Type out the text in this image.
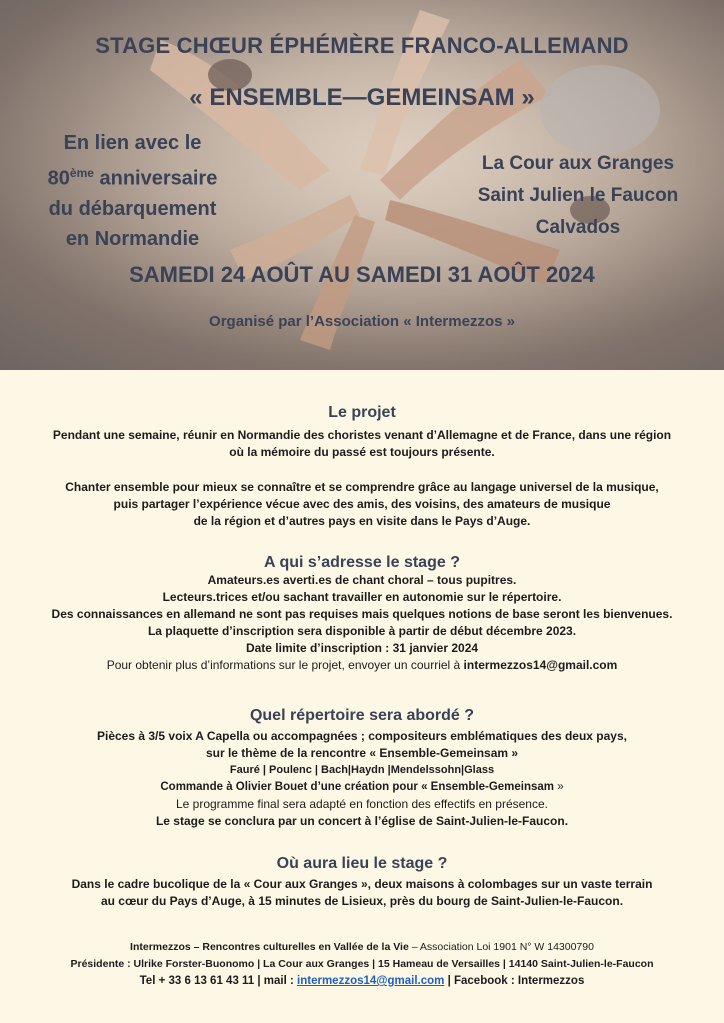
STAGE CHŒUR ÉPHÉMÈRE FRANCO-ALLEMAND
« ENSEMBLE—GEMEINSAM »
En lien avec le
80ème anniversaire
du débarquement
en Normandie
La Cour aux Granges
Saint Julien le Faucon
Calvados
SAMEDI 24 AOÛT AU SAMEDI 31 AOÛT 2024
Organisé par l’Association « Intermezzos »
Le projet
Pendant une semaine, réunir en Normandie des choristes venant d’Allemagne et de France, dans une région
où la mémoire du passé est toujours présente.
Chanter ensemble pour mieux se connaître et se comprendre grâce au langage universel de la musique,
puis partager l’expérience vécue avec des amis, des voisins, des amateurs de musique
de la région et d’autres pays en visite dans le Pays d’Auge.
A qui s’adresse le stage ?
Amateurs.es averti.es de chant choral – tous pupitres.
Lecteurs.trices et/ou sachant travailler en autonomie sur le répertoire.
Des connaissances en allemand ne sont pas requises mais quelques notions de base seront les bienvenues.
La plaquette d’inscription sera disponible à partir de début décembre 2023.
Date limite d’inscription : 31 janvier 2024
Pour obtenir plus d’informations sur le projet, envoyer un courriel à intermezzos14@gmail.com
Quel répertoire sera abordé ?
Pièces à 3/5 voix A Capella ou accompagnées ; compositeurs emblématiques des deux pays,
sur le thème de la rencontre « Ensemble-Gemeinsam »
Fauré | Poulenc | Bach|Haydn |Mendelssohn|Glass
Commande à Olivier Bouet d’une création pour « Ensemble-Gemeinsam »
Le programme final sera adapté en fonction des effectifs en présence.
Le stage se conclura par un concert à l’église de Saint-Julien-le-Faucon.
Où aura lieu le stage ?
Dans le cadre bucolique de la « Cour aux Granges », deux maisons à colombages sur un vaste terrain
au cœur du Pays d’Auge, à 15 minutes de Lisieux, près du bourg de Saint-Julien-le-Faucon.
Intermezzos – Rencontres culturelles en Vallée de la Vie – Association Loi 1901 N° W 14300790
Présidente : Ulrike Forster-Buonomo | La Cour aux Granges | 15 Hameau de Versailles | 14140 Saint-Julien-le-Faucon
Tel + 33 6 13 61 43 11 | mail : intermezzos14@gmail.com | Facebook : Intermezzos
